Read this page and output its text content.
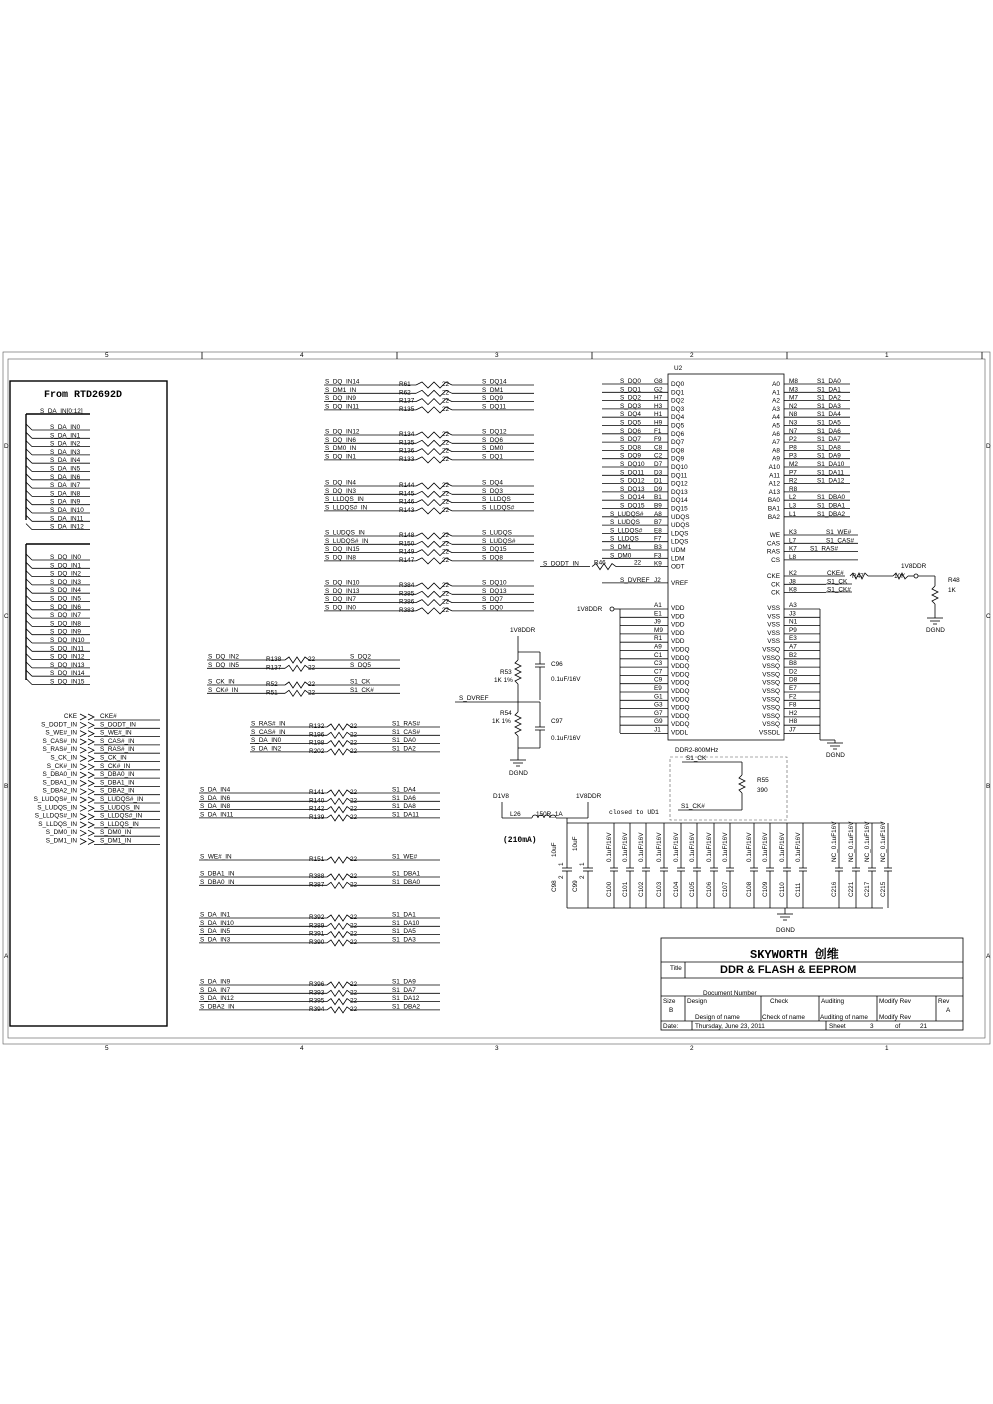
5	4	3	2	1
5	4	3	2	1
D	D
C	C
B	B
A	A
From RTD2692D
S_DA_IN[0:12]
S_DA_IN0
S_DA_IN1
S_DA_IN2
S_DA_IN3
S_DA_IN4
S_DA_IN5
S_DA_IN6
S_DA_IN7
S_DA_IN8
S_DA_IN9
S_DA_IN10
S_DA_IN11
S_DA_IN12
S_DQ_IN0
S_DQ_IN1
S_DQ_IN2
S_DQ_IN3
S_DQ_IN4
S_DQ_IN5
S_DQ_IN6
S_DQ_IN7
S_DQ_IN8
S_DQ_IN9
S_DQ_IN10
S_DQ_IN11
S_DQ_IN12
S_DQ_IN13
S_DQ_IN14
S_DQ_IN15
CKE	CKE#
S_DODT_IN	S_DODT_IN
S_WE#_IN	S_WE#_IN
S_CAS#_IN	S_CAS#_IN
S_RAS#_IN	S_RAS#_IN
S_CK_IN	S_CK_IN
S_CK#_IN	S_CK#_IN
S_DBA0_IN	S_DBA0_IN
S_DBA1_IN	S_DBA1_IN
S_DBA2_IN	S_DBA2_IN
S_LUDQS#_IN	S_LUDQS#_IN
S_LUDQS_IN	S_LUDQS_IN
S_LLDQS#_IN	S_LLDQS#_IN
S_LLDQS_IN	S_LLDQS_IN
S_DM0_IN	S_DM0_IN
S_DM1_IN	S_DM1_IN
S_DQ_IN14	R61	22	S_DQ14
S_DM1_IN	R62	22	S_DM1
S_DQ_IN9	R137	22	S_DQ9
S_DQ_IN11	R135	22	S_DQ11
S_DQ_IN12	R134	22	S_DQ12
S_DQ_IN6	R135	22	S_DQ6
S_DM0_IN	R136	22	S_DM0
S_DQ_IN1	R133	22	S_DQ1
S_DQ_IN4	R144	22	S_DQ4
S_DQ_IN3	R145	22	S_DQ3
S_LLDQS_IN	R146	22	S_LLDQS
S_LLDQS#_IN	R143	22	S_LLDQS#
S_LUDQS_IN	R148	22	S_LUDQS
S_LUDQS#_IN	R150	22	S_LUDQS#
S_DQ_IN15	R149	22	S_DQ15
S_DQ_IN8	R147	22	S_DQ8
S_DQ_IN10	R384	22	S_DQ10
S_DQ_IN13	R385	22	S_DQ13
S_DQ_IN7	R386	22	S_DQ7
S_DQ_IN0	R383	22	S_DQ0
S_DQ_IN2	R138	22	S_DQ2
S_DQ_IN5	R137	22	S_DQ5
S_CK_IN	R52	22	S1_CK
S_CK#_IN	R51	22	S1_CK#
S_RAS#_IN	R132	22	S1_RAS#
S_CAS#_IN	R196	22	S1_CAS#
S_DA_IN0	R198	22	S1_DA0
S_DA_IN2	R202	22	S1_DA2
S_DA_IN4	R141	22	S1_DA4
S_DA_IN6	R140	22	S1_DA6
S_DA_IN8	R142	22	S1_DA8
S_DA_IN11	R139	22	S1_DA11
S_WE#_IN	R151	22	S1_WE#
S_DBA1_IN	R388	22	S1_DBA1
S_DBA0_IN	R387	22	S1_DBA0
S_DA_IN1	R392	22	S1_DA1
S_DA_IN10	R389	22	S1_DA10
S_DA_IN5	R391	22	S1_DA5
S_DA_IN3	R390	22	S1_DA3
S_DA_IN9	R396	22	S1_DA9
S_DA_IN7	R393	22	S1_DA7
S_DA_IN12	R395	22	S1_DA12
S_DBA2_IN	R394	22	S1_DBA2
1V8DDR
R53
1K 1%
C96
0.1uF/16V
S_DVREF
R54
1K 1%	C97
0.1uF/16V
DGND
U2
S_DQ0 G8 DQ0
S_DQ1 G2 DQ1
S_DQ2 H7 DQ2
S_DQ3 H3 DQ3
S_DQ4 H1 DQ4
S_DQ5 H9 DQ5
S_DQ6 F1 DQ6
S_DQ7 F9 DQ7
S_DQ8 C8 DQ8
S_DQ9 C2 DQ9
S_DQ10 D7 DQ10
S_DQ11 D3 DQ11
S_DQ12 D1 DQ12
S_DQ13 D9 DQ13
S_DQ14 B1 DQ14
S_DQ15 B9 DQ15
S_LUDQS# A8 UDQS
S_LUDQS B7 UDQS
S_LLDQS# E8 LDQS
S_LLDQS F7 LDQS
S_DM1	B3 UDM
S_DM0	F3 LDM
R46	22
S_DODT_IN	K9 ODT
S_DVREF J2 VREF
1V8DDR
A1 VDD
E1 VDD
J9 VDD
M9 VDD
R1 VDD
A9 VDDQ
C1 VDDQ
C3 VDDQ
C7 VDDQ
C9 VDDQ
E9 VDDQ
G1 VDDQ
G3 VDDQ
G7 VDDQ
G9 VDDQ
J1 VDDL
A0 M8	S1_DA0
A1 M3	S1_DA1
A2 M7	S1_DA2
A3 N2	S1_DA3
A4 N8	S1_DA4
A5 N3	S1_DA5
A6 N7	S1_DA6
A7 P2	S1_DA7
A8 P8	S1_DA8
A9 P3	S1_DA9
A10 M2	S1_DA10
A11 P7	S1_DA11
A12 R2	S1_DA12
A13 R8
BA0 L2	S1_DBA0
BA1 L3	S1_DBA1
BA2 L1	S1_DBA2
WE K3	S1_WE#
CAS L7	S1_CAS#
RAS K7 S1_RAS#
CS L8
CKE K2	CKE#
CK J8	S1_CK
CK K8	S1_CK#
VSS A3
VSS J3
VSS N1
VSS P9
VSS E3
VSSQ A7
VSSQ B2
VSSQ B8
VSSQ D2
VSSQ D8
VSSQ E7
VSSQ F2
VSSQ F8
VSSQ H2
VSSQ H8
VSSDL J7
DGND
DDR2-800MHz
R47	10K
1V8DDR
R48
1K
DGND
S1_CK
S1_CK#
R55
390
closed to UD1
D1V8	1V8DDR
L26 150R_1A
(210mA)
DGND
10uF
1
2
C98
10uF
1
2
C99
0.1uF/16V
C100
0.1uF/16V
C101
0.1uF/16V
C102
0.1uF/16V
C103
0.1uF/16V
C104
0.1uF/16V
C105
0.1uF/16V
C106
0.1uF/16V
C107
0.1uF/16V
C108
0.1uF/16V
C109
0.1uF/16V
C110
0.1uF/16V
C111
NC_0.1uF16V
C216
NC_0.1uF16V
C221
NC_0.1uF16V
C217
NC_0.1uF16V
C215
SKYWORTH 创维
Title	DDR & FLASH & EEPROM
Document Number
Size
B
Design
Design of name
Check
Check of name
Auditing
Auditing of name
Modify Rev
Modify Rev
Rev
A
Date:	Thursday, June 23, 2011	Sheet	3	of	21
